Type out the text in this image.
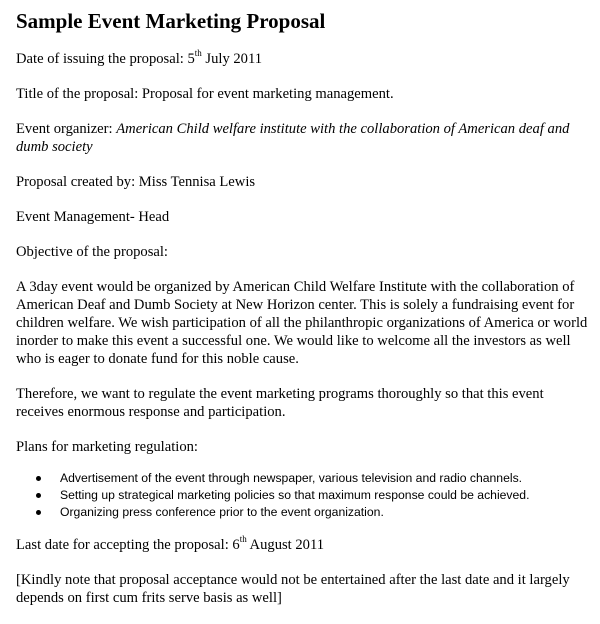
Sample Event Marketing Proposal
Date of issuing the proposal: 5th July 2011
Title of the proposal: Proposal for event marketing management.
Event organizer: American Child welfare institute with the collaboration of American deaf and dumb society
Proposal created by: Miss Tennisa Lewis
Event Management- Head
Objective of the proposal:
A 3day event would be organized by American Child Welfare Institute with the collaboration of American Deaf and Dumb Society at New Horizon center. This is solely a fundraising event for children welfare. We wish participation of all the philanthropic organizations of America or world inorder to make this event a successful one. We would like to welcome all the investors as well who is eager to donate fund for this noble cause.
Therefore, we want to regulate the event marketing programs thoroughly so that this event receives enormous response and participation.
Plans for marketing regulation:
Advertisement of the event through newspaper, various television and radio channels.
Setting up strategical marketing policies so that maximum response could be achieved.
Organizing press conference prior to the event organization.
Last date for accepting the proposal: 6th August 2011
[Kindly note that proposal acceptance would not be entertained after the last date and it largely depends on first cum frits serve basis as well]
